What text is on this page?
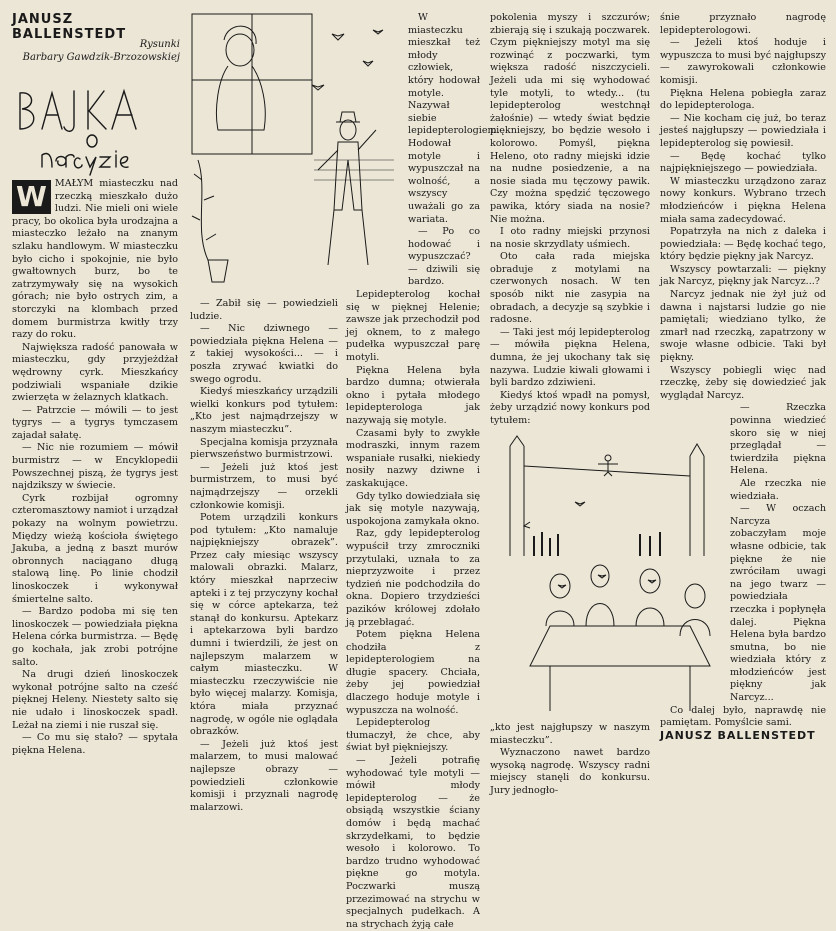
JANUSZ BALLENSTEDT
Rysunki
Barbary Gawdzik-Brzozowskiej

W MAŁYM miasteczku nad rzeczką mieszkało dużo ludzi. Nie mieli oni wiele pracy, bo okolica była urodzajna a miasteczko leżało na znanym szlaku handlowym. W miasteczku było cicho i spokojnie, nie było gwałtownych burz, bo te zatrzymywały się na wysokich górach; nie było ostrych zim, a storczyki na klombach przed domem burmistrza kwitły trzy razy do roku.

Największa radość panowała w miasteczku, gdy przyjeżdżał wędrowny cyrk. Mieszkańcy podziwiali wspaniałe dzikie zwierzęta w żelaznych klatkach.

— Patrzcie — mówili — to jest tygrys — a tygrys tymczasem zajadał sałatę.

— Nic nie rozumiem — mówił burmistrz — w Encyklopedii Powszechnej piszą, że tygrys jest najdzikszy w świecie.

Cyrk rozbijał ogromny czteromasztowy namiot i urządzał pokazy na wolnym powietrzu. Między wieżą kościoła świętego Jakuba, a jedną z baszt murów obronnych naciągano długą stalową linę. Po linie chodził linoskoczek i wykonywał śmiertelne salto.

— Bardzo podoba mi się ten linoskoczek — powiedziała piękna Helena córka burmistrza. — Będę go kochała, jak zrobi potrójne salto.

Na drugi dzień linoskoczek wykonał potrójne salto na cześć pięknej Heleny. Niestety salto się nie udało i linoskoczek spadł. Leżał na ziemi i nie ruszał się.

— Co mu się stało? — spytała piękna Helena.

— Zabił się — powiedzieli ludzie.

— Nic dziwnego — powiedziała piękna Helena — z takiej wysokości... — i poszła zrywać kwiatki do swego ogrodu.

Kiedyś mieszkańcy urządzili wielki konkurs pod tytułem: „Kto jest najmądrzejszy w naszym miasteczku”.

Specjalna komisja przyznała pierwszeństwo burmistrzowi.

— Jeżeli już ktoś jest burmistrzem, to musi być najmądrzejszy — orzekli członkowie komisji.

Potem urządzili konkurs pod tytułem: „Kto namaluje najpiękniejszy obrazek”. Przez cały miesiąc wszyscy malowali obrazki. Malarz, który mieszkał naprzeciw apteki i z tej przyczyny kochał się w córce aptekarza, też stanął do konkursu. Aptekarz i aptekarzowa byli bardzo dumni i twierdzili, że jest on najlepszym malarzem w całym miasteczku. W miasteczku rzeczywiście nie było więcej malarzy. Komisja, która miała przyznać nagrodę, w ogóle nie oglądała obrazków.

— Jeżeli już ktoś jest malarzem, to musi malować najlepsze obrazy — powiedzieli członkowie komisji i przyznali nagrodę malarzowi.

W miasteczku mieszkał też młody człowiek, który hodował motyle. Nazywał siebie lepidepterologiem. Hodował motyle i wypuszczał na wolność, a wszyscy uważali go za wariata.

— Po co hodować i wypuszczać? — dziwili się bardzo.

Lepidepterolog kochał się w pięknej Helenie; zawsze jak przechodził pod jej oknem, to z małego pudełka wypuszczał parę motyli.

Piękna Helena była bardzo dumna; otwierała okno i pytała młodego lepidepterologa jak nazywają się motyle.

Czasami były to zwykłe modraszki, innym razem wspaniałe rusałki, niekiedy nosiły nazwy dziwne i zaskakujące.

Gdy tylko dowiedziała się jak się motyle nazywają, uspokojona zamykała okno.

Raz, gdy lepidepterolog wypuścił trzy zmroczniki przytulaki, uznała to za nieprzyzwoite i przez tydzień nie podchodziła do okna. Dopiero trzydzieści pazików królowej zdołało ją przebłagać.

Potem piękna Helena chodziła z lepidepterologiem na długie spacery. Chciała, żeby jej powiedział dlaczego hoduje motyle i wypuszcza na wolność.

Lepidepterolog tłumaczył, że chce, aby świat był piękniejszy.

— Jeżeli potrafię wyhodować tyle motyli — mówił młody lepidepterolog — że obsiądą wszystkie ściany domów i będą machać skrzydełkami, to będzie wesoło i kolorowo. To bardzo trudno wyhodować piękne go motyla. Poczwarki muszą przezimować na strychu w specjalnych pudełkach. A na strychach żyją całe

pokolenia myszy i szczurów; zbierają się i szukają poczwarek. Czym piękniejszy motyl ma się rozwinąć z poczwarki, tym większa radość niszczycieli. Jeżeli uda mi się wyhodować tyle motyli, to wtedy... (tu lepidepterolog westchnął żałośnie) — wtedy świat będzie piękniejszy, bo będzie wesoło i kolorowo. Pomyśl, piękna Heleno, oto radny miejski idzie na nudne posiedzenie, a na nosie siada mu tęczowy pawik. Czy można spędzić tęczowego pawika, który siada na nosie? Nie można.

I oto radny miejski przynosi na nosie skrzydlaty uśmiech.

Oto cała rada miejska obraduje z motylami na czerwonych nosach. W ten sposób nikt nie zasypia na obradach, a decyzje są szybkie i radosne.

— Taki jest mój lepidepterolog — mówiła piękna Helena, dumna, że jej ukochany tak się nazywa. Ludzie kiwali głowami i byli bardzo zdziwieni.

Kiedyś ktoś wpadł na pomysł, żeby urządzić nowy konkurs pod tytułem:

„kto jest najgłupszy w naszym miasteczku”.

Wyznaczono nawet bardzo wysoką nagrodę. Wszyscy radni miejscy stanęli do konkursu. Jury jednogło-

śnie przyznało nagrodę lepidepterologowi.

— Jeżeli ktoś hoduje i wypuszcza to musi być najgłupszy — zawyrokowali członkowie komisji.

Piękna Helena pobiegła zaraz do lepidepterologa.

— Nie kocham cię już, bo teraz jesteś najgłupszy — powiedziała i lepidepterolog się powiesił.

— Będę kochać tylko najpiękniejszego — powiedziała.

W miasteczku urządzono zaraz nowy konkurs. Wybrano trzech młodzieńców i piękna Helena miała sama zadecydować.

Popatrzyła na nich z daleka i powiedziała: — Będę kochać tego, który będzie piękny jak Narcyz.

Wszyscy powtarzali: — piękny jak Narcyz, piękny jak Narcyz...?

Narcyz jednak nie żył już od dawna i najstarsi ludzie go nie pamiętali; wiedziano tylko, że zmarł nad rzeczką, zapatrzony w swoje własne odbicie. Taki był piękny.

Wszyscy pobiegli więc nad rzeczkę, żeby się dowiedzieć jak wyglądał Narcyz.

— Rzeczka powinna wiedzieć skoro się w niej przeglądał — twierdziła piękna Helena.

Ale rzeczka nie wiedziała.

— W oczach Narcyza zobaczyłam moje własne odbicie, tak piękne że nie zwróciłam uwagi na jego twarz — powiedziała rzeczka i popłynęła dalej. Piękna Helena była bardzo smutna, bo nie wiedziała który z młodzieńców jest piękny jak Narcyz...

Co dalej było, naprawdę nie pamiętam. Pomyślcie sami.

JANUSZ BALLENSTEDT
